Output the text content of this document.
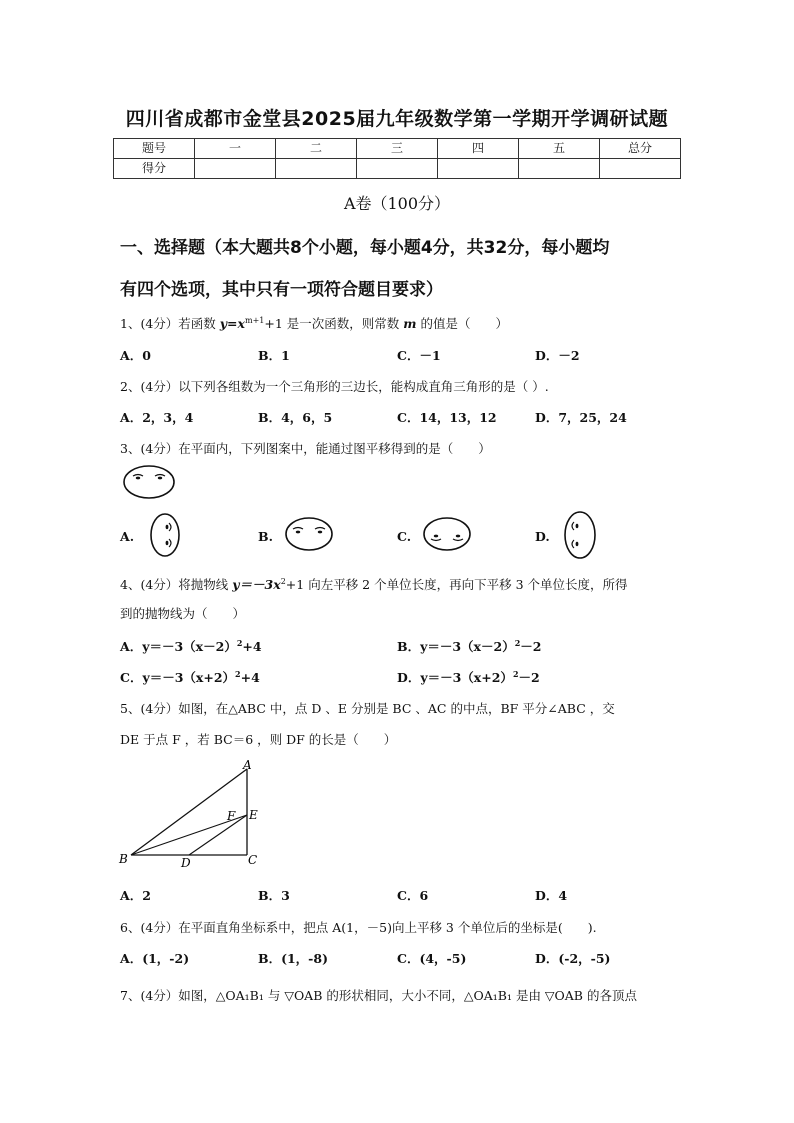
四川省成都市金堂县2025届九年级数学第一学期开学调研试题
题号	一	二	三	四	五	总分
得分						
A卷（100分）
一、选择题（本大题共8个小题，每小题4分，共32分，每小题均
有四个选项，其中只有一项符合题目要求）
1、(4分）若函数 $y=x^{m+1}+1$ 是一次函数，则常数 m 的值是（　　）
A．0	B．1	C．－1	D．－2
2、(4分）以下列各组数为一个三角形的三边长，能构成直角三角形的是（ ）.
A．2，3，4	B．4，6，5	C．14，13，12	D．7，25，24
3、(4分）在平面内，下列图案中，能通过图平移得到的是（　　）
A.	B.	C.	D.
4、(4分）将抛物线 $y=-3x^2+1$ 向左平移 2 个单位长度，再向下平移 3 个单位长度，所得
到的抛物线为（　　）
A．$y=-3(x-2)^2+4$	B．$y=-3(x-2)^2-2$
C．$y=-3(x+2)^2+4$	D．$y=-3(x+2)^2-2$
5、(4分）如图，在△ABC 中，点 D 、E 分别是 BC 、AC 的中点，BF 平分∠ABC ，交
DE 于点 F ，若 BC＝6 ，则 DF 的长是（　　）
A
B	C
D
E
F
A．2	B．3	C．6	D．4
6、(4分）在平面直角坐标系中，把点 A(1，－5)向上平移 3 个单位后的坐标是(　　).
A．(1，-2)	B．(1，-8)	C．(4，-5)	D．(-2，-5)
7、(4分）如图，△OA₁B₁ 与 ▽OAB 的形状相同，大小不同，△OA₁B₁ 是由 ▽OAB 的各顶点
